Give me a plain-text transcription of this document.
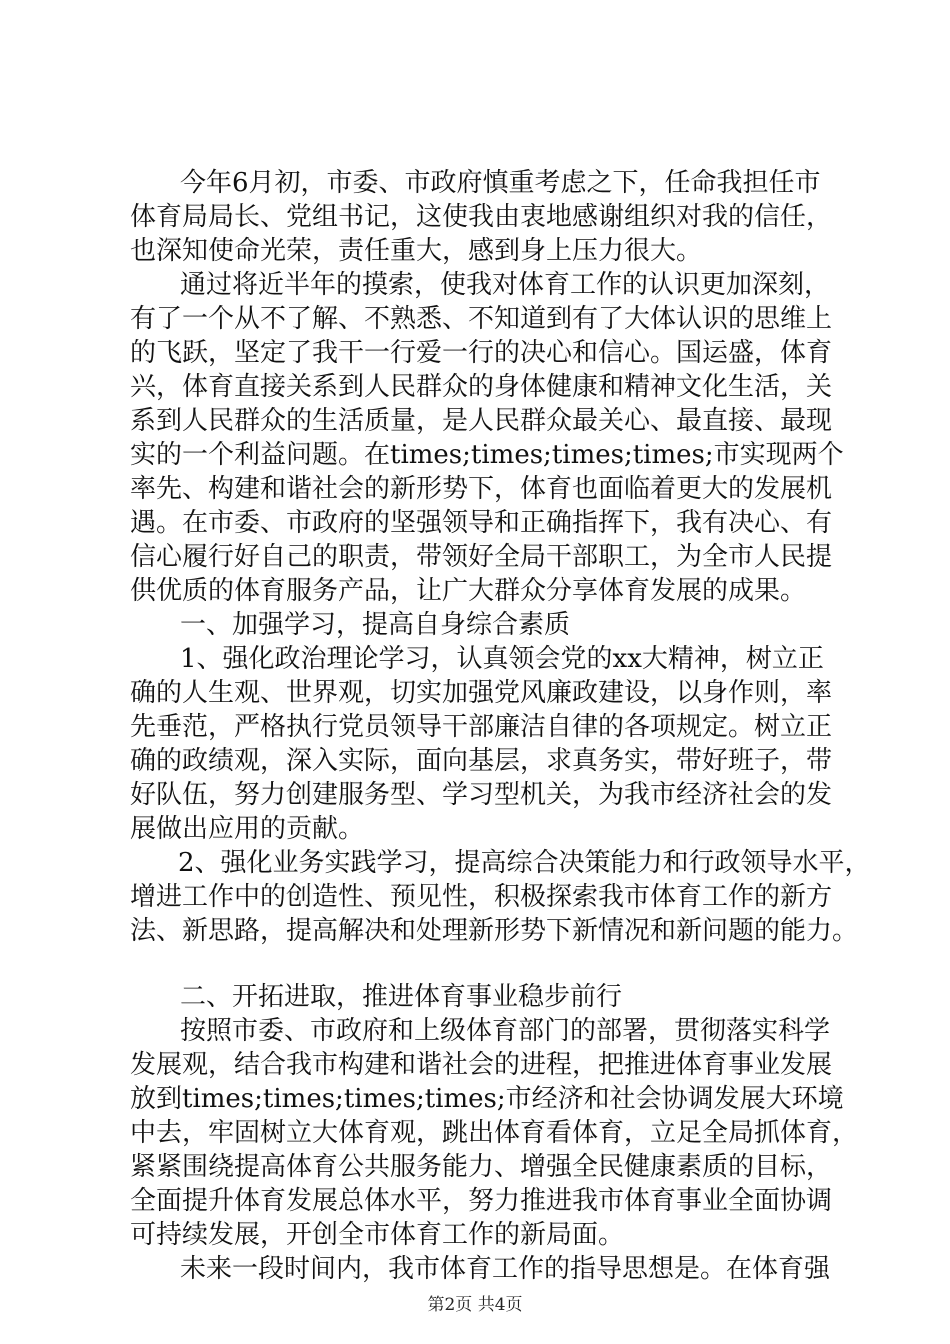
今年6月初，市委、市政府慎重考虑之下，任命我担任市
体育局局长、党组书记，这使我由衷地感谢组织对我的信任，
也深知使命光荣，责任重大，感到身上压力很大。
通过将近半年的摸索，使我对体育工作的认识更加深刻，
有了一个从不了解、不熟悉、不知道到有了大体认识的思维上
的飞跃，坚定了我干一行爱一行的决心和信心。国运盛，体育
兴，体育直接关系到人民群众的身体健康和精神文化生活，关
系到人民群众的生活质量，是人民群众最关心、最直接、最现
实的一个利益问题。在times;times;times;times;市实现两个
率先、构建和谐社会的新形势下，体育也面临着更大的发展机
遇。在市委、市政府的坚强领导和正确指挥下，我有决心、有
信心履行好自己的职责，带领好全局干部职工，为全市人民提
供优质的体育服务产品，让广大群众分享体育发展的成果。
一、加强学习，提高自身综合素质
1、强化政治理论学习，认真领会党的xx大精神，树立正
确的人生观、世界观，切实加强党风廉政建设，以身作则，率
先垂范，严格执行党员领导干部廉洁自律的各项规定。树立正
确的政绩观，深入实际，面向基层，求真务实，带好班子，带
好队伍，努力创建服务型、学习型机关，为我市经济社会的发
展做出应用的贡献。
2、强化业务实践学习，提高综合决策能力和行政领导水平，
增进工作中的创造性、预见性，积极探索我市体育工作的新方
法、新思路，提高解决和处理新形势下新情况和新问题的能力。
二、开拓进取，推进体育事业稳步前行
按照市委、市政府和上级体育部门的部署，贯彻落实科学
发展观，结合我市构建和谐社会的进程，把推进体育事业发展
放到times;times;times;times;市经济和社会协调发展大环境
中去，牢固树立大体育观，跳出体育看体育，立足全局抓体育，
紧紧围绕提高体育公共服务能力、增强全民健康素质的目标，
全面提升体育发展总体水平，努力推进我市体育事业全面协调
可持续发展，开创全市体育工作的新局面。
未来一段时间内，我市体育工作的指导思想是。在体育强
第2页 共4页
